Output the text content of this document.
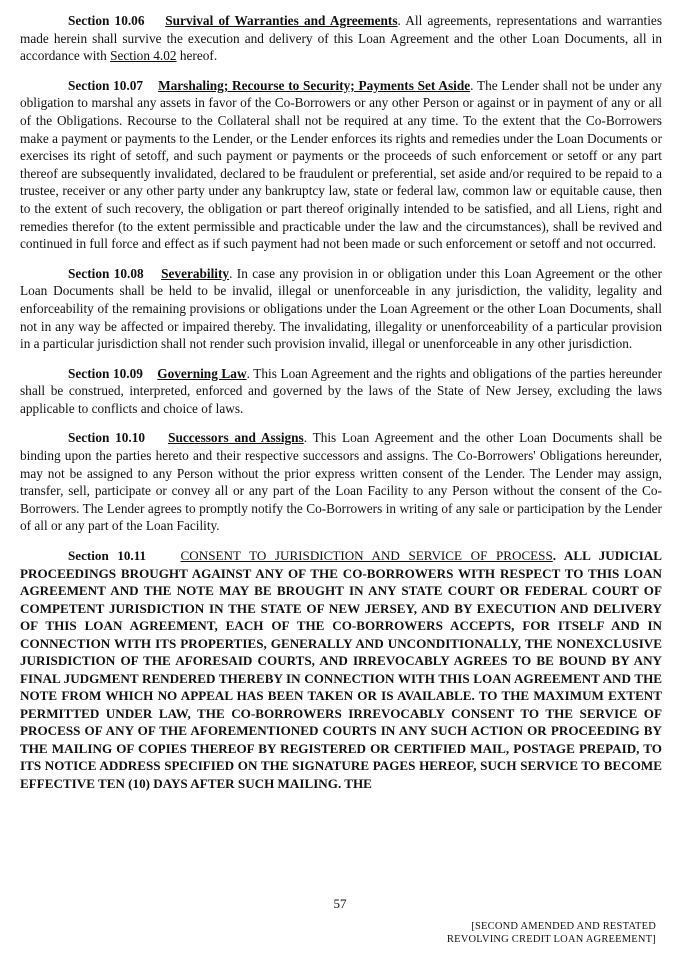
Section 10.06 Survival of Warranties and Agreements. All agreements, representations and warranties made herein shall survive the execution and delivery of this Loan Agreement and the other Loan Documents, all in accordance with Section 4.02 hereof.

Section 10.07 Marshaling; Recourse to Security; Payments Set Aside. The Lender shall not be under any obligation to marshal any assets in favor of the Co-Borrowers or any other Person or against or in payment of any or all of the Obligations. Recourse to the Collateral shall not be required at any time. To the extent that the Co-Borrowers make a payment or payments to the Lender, or the Lender enforces its rights and remedies under the Loan Documents or exercises its right of setoff, and such payment or payments or the proceeds of such enforcement or setoff or any part thereof are subsequently invalidated, declared to be fraudulent or preferential, set aside and/or required to be repaid to a trustee, receiver or any other party under any bankruptcy law, state or federal law, common law or equitable cause, then to the extent of such recovery, the obligation or part thereof originally intended to be satisfied, and all Liens, right and remedies therefor (to the extent permissible and practicable under the law and the circumstances), shall be revived and continued in full force and effect as if such payment had not been made or such enforcement or setoff and not occurred.

Section 10.08 Severability. In case any provision in or obligation under this Loan Agreement or the other Loan Documents shall be held to be invalid, illegal or unenforceable in any jurisdiction, the validity, legality and enforceability of the remaining provisions or obligations under the Loan Agreement or the other Loan Documents, shall not in any way be affected or impaired thereby. The invalidating, illegality or unenforceability of a particular provision in a particular jurisdiction shall not render such provision invalid, illegal or unenforceable in any other jurisdiction.

Section 10.09 Governing Law. This Loan Agreement and the rights and obligations of the parties hereunder shall be construed, interpreted, enforced and governed by the laws of the State of New Jersey, excluding the laws applicable to conflicts and choice of laws.

Section 10.10 Successors and Assigns. This Loan Agreement and the other Loan Documents shall be binding upon the parties hereto and their respective successors and assigns. The Co-Borrowers' Obligations hereunder, may not be assigned to any Person without the prior express written consent of the Lender. The Lender may assign, transfer, sell, participate or convey all or any part of the Loan Facility to any Person without the consent of the Co-Borrowers. The Lender agrees to promptly notify the Co-Borrowers in writing of any sale or participation by the Lender of all or any part of the Loan Facility.

Section 10.11	CONSENT TO JURISDICTION AND SERVICE OF PROCESS. ALL JUDICIAL PROCEEDINGS BROUGHT AGAINST ANY OF THE CO-BORROWERS WITH RESPECT TO THIS LOAN AGREEMENT AND THE NOTE MAY BE BROUGHT IN ANY STATE COURT OR FEDERAL COURT OF COMPETENT JURISDICTION IN THE STATE OF NEW JERSEY, AND BY EXECUTION AND DELIVERY OF THIS LOAN AGREEMENT, EACH OF THE CO-BORROWERS ACCEPTS, FOR ITSELF AND IN CONNECTION WITH ITS PROPERTIES, GENERALLY AND UNCONDITIONALLY, THE NONEXCLUSIVE JURISDICTION OF THE AFORESAID COURTS, AND IRREVOCABLY AGREES TO BE BOUND BY ANY FINAL JUDGMENT RENDERED THEREBY IN CONNECTION WITH THIS LOAN AGREEMENT AND THE NOTE FROM WHICH NO APPEAL HAS BEEN TAKEN OR IS AVAILABLE. TO THE MAXIMUM EXTENT PERMITTED UNDER LAW, THE CO-BORROWERS IRREVOCABLY CONSENT TO THE SERVICE OF PROCESS OF ANY OF THE AFOREMENTIONED COURTS IN ANY SUCH ACTION OR PROCEEDING BY THE MAILING OF COPIES THEREOF BY REGISTERED OR CERTIFIED MAIL, POSTAGE PREPAID, TO ITS NOTICE ADDRESS SPECIFIED ON THE SIGNATURE PAGES HEREOF, SUCH SERVICE TO BECOME EFFECTIVE TEN (10) DAYS AFTER SUCH MAILING. THE

57
[SECOND AMENDED AND RESTATED
REVOLVING CREDIT LOAN AGREEMENT]
